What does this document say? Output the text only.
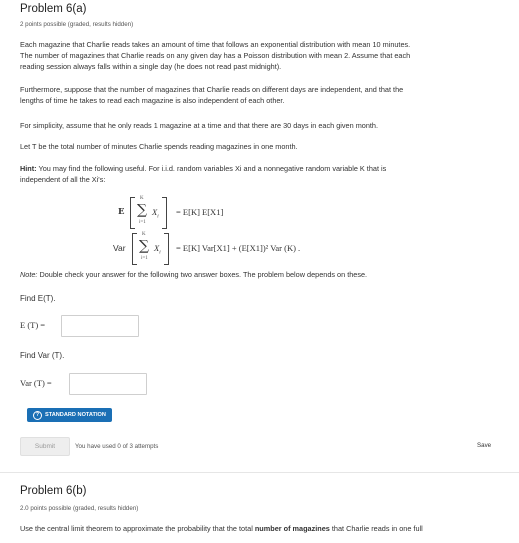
Problem 6(a)
2 points possible (graded, results hidden)
Each magazine that Charlie reads takes an amount of time that follows an exponential distribution with mean 10 minutes.
The number of magazines that Charlie reads on any given day has a Poisson distribution with mean 2. Assume that each
reading session always falls within a single day (he does not read past midnight).
Furthermore, suppose that the number of magazines that Charlie reads on different days are independent, and that the
lengths of time he takes to read each magazine is also independent of each other.
For simplicity, assume that he only reads 1 magazine at a time and that there are 30 days in each given month.
Let T be the total number of minutes Charlie spends reading magazines in one month.
Hint: You may find the following useful. For i.i.d. random variables Xi and a nonnegative random variable K that is
independent of all the Xi's:
E
K
∑
i=1
$X_i$
= E[K] E[X1]
Var
K
∑
i=1
$X_i$
= E[K] Var[X1] + (E[X1])² Var (K) .
Note: Double check your answer for the following two answer boxes. The problem below depends on these.
Find E(T).
E (T) =
Find Var (T).
Var (T) =
?	STANDARD NOTATION
Submit	You have used 0 of 3 attempts	Save
Problem 6(b)
2.0 points possible (graded, results hidden)
Use the central limit theorem to approximate the probability that the total number of magazines that Charlie reads in one full
